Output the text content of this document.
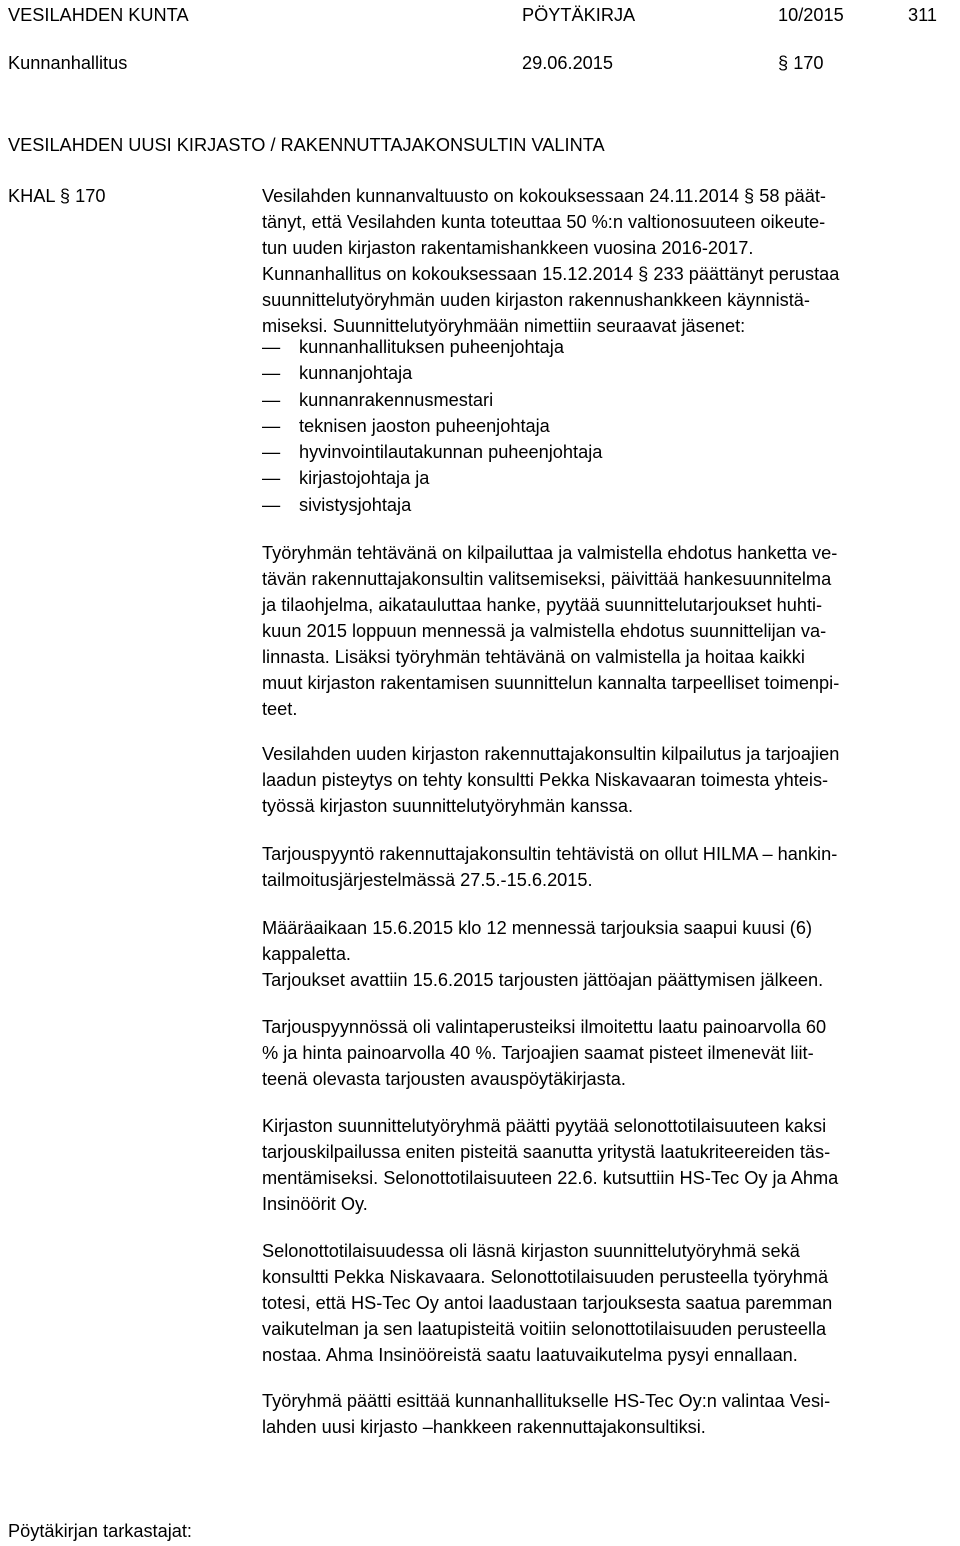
VESILAHDEN KUNTA	PÖYTÄKIRJA	10/2015	311
Kunnanhallitus	29.06.2015	§ 170
VESILAHDEN UUSI KIRJASTO / RAKENNUTTAJAKONSULTIN VALINTA
KHAL § 170	Vesilahden kunnanvaltuusto on kokouksessaan 24.11.2014 § 58 päät-
tänyt, että Vesilahden kunta toteuttaa 50 %:n valtionosuuteen oikeute-
tun uuden kirjaston rakentamishankkeen vuosina 2016-2017.
Kunnanhallitus on kokouksessaan 15.12.2014 § 233 päättänyt perustaa
suunnittelutyöryhmän uuden kirjaston rakennushankkeen käynnistä-
miseksi. Suunnittelutyöryhmään nimettiin seuraavat jäsenet:
— kunnanhallituksen puheenjohtaja
— kunnanjohtaja
— kunnanrakennusmestari
— teknisen jaoston puheenjohtaja
— hyvinvointilautakunnan puheenjohtaja
— kirjastojohtaja ja
— sivistysjohtaja
Työryhmän tehtävänä on kilpailuttaa ja valmistella ehdotus hanketta ve-
tävän rakennuttajakonsultin valitsemiseksi, päivittää hankesuunnitelma
ja tilaohjelma, aikatauluttaa hanke, pyytää suunnittelutarjoukset huhti-
kuun 2015 loppuun mennessä ja valmistella ehdotus suunnittelijan va-
linnasta. Lisäksi työryhmän tehtävänä on valmistella ja hoitaa kaikki
muut kirjaston rakentamisen suunnittelun kannalta tarpeelliset toimenpi-
teet.
Vesilahden uuden kirjaston rakennuttajakonsultin kilpailutus ja tarjoajien
laadun pisteytys on tehty konsultti Pekka Niskavaaran toimesta yhteis-
työssä kirjaston suunnittelutyöryhmän kanssa.
Tarjouspyyntö rakennuttajakonsultin tehtävistä on ollut HILMA – hankin-
tailmoitusjärjestelmässä 27.5.-15.6.2015.
Määräaikaan 15.6.2015 klo 12 mennessä tarjouksia saapui kuusi (6)
kappaletta.
Tarjoukset avattiin 15.6.2015 tarjousten jättöajan päättymisen jälkeen.
Tarjouspyynnössä oli valintaperusteiksi ilmoitettu laatu painoarvolla 60
% ja hinta painoarvolla 40 %. Tarjoajien saamat pisteet ilmenevät liit-
teenä olevasta tarjousten avauspöytäkirjasta.
Kirjaston suunnittelutyöryhmä päätti pyytää selonottotilaisuuteen kaksi
tarjouskilpailussa eniten pisteitä saanutta yritystä laatukriteereiden täs-
mentämiseksi. Selonottotilaisuuteen 22.6. kutsuttiin HS-Tec Oy ja Ahma
Insinöörit Oy.
Selonottotilaisuudessa oli läsnä kirjaston suunnittelutyöryhmä sekä
konsultti Pekka Niskavaara. Selonottotilaisuuden perusteella työryhmä
totesi, että HS-Tec Oy antoi laadustaan tarjouksesta saatua paremman
vaikutelman ja sen laatupisteitä voitiin selonottotilaisuuden perusteella
nostaa. Ahma Insinööreistä saatu laatuvaikutelma pysyi ennallaan.
Työryhmä päätti esittää kunnanhallitukselle HS-Tec Oy:n valintaa Vesi-
lahden uusi kirjasto –hankkeen rakennuttajakonsultiksi.
Pöytäkirjan tarkastajat:
